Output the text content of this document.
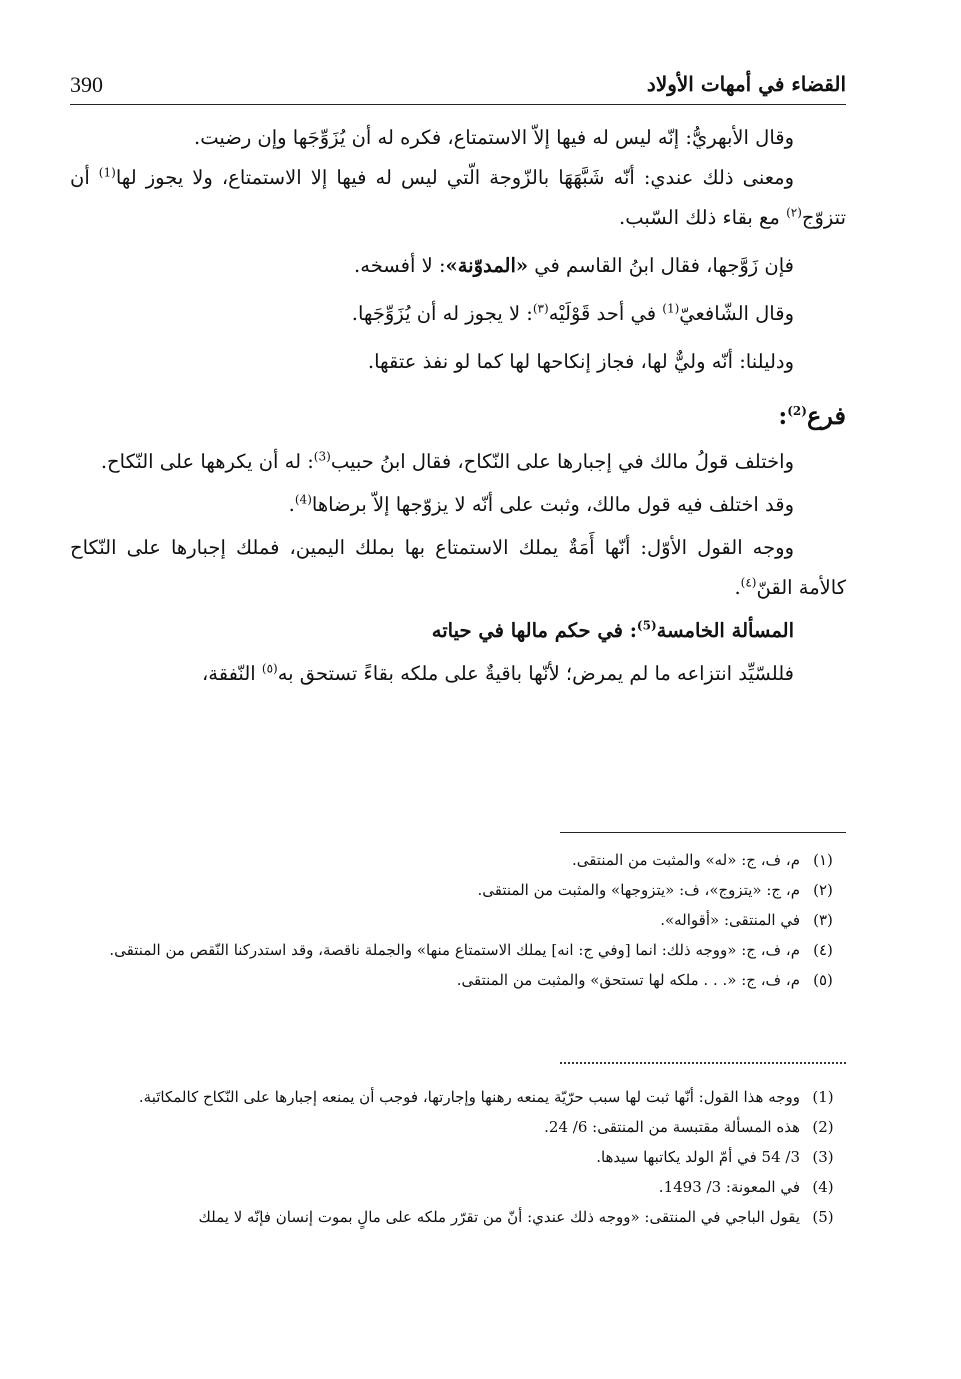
390	القضاء في أمهات الأولاد

وقال الأبهريُّ: إنّه ليس له فيها إلاّ الاستمتاع، فكره له أن يُزَوِّجَها وإن رضيت.

ومعنى ذلك عندي: أنّه شَبَّهَهَا بالزّوجة الّتي ليس له فيها إلا الاستمتاع، ولا يجوز لها$^{(1)}$ أن تتزوّج$^{(٢)}$ مع بقاء ذلك السّبب.

فإن زَوَّجها، فقال ابنُ القاسم في «المدوّنة»: لا أفسخه.

وقال الشّافعيّ$^{(1)}$ في أحد قَوْلَيْه$^{(٣)}$: لا يجوز له أن يُزَوِّجَها.

ودليلنا: أنّه وليٌّ لها، فجاز إنكاحها لها كما لو نفذ عتقها.

فرع$^{(2)}$:

واختلف قولُ مالك في إجبارها على النّكاح، فقال ابنُ حبيب$^{(3)}$: له أن يكرهها على النّكاح.

وقد اختلف فيه قول مالك، وثبت على أنّه لا يزوّجها إلاّ برضاها$^{(4)}$.

ووجه القول الأوّل: أنّها أَمَةٌ يملك الاستمتاع بها بملك اليمين، فملك إجبارها على النّكاح كالأمة القنّ$^{(٤)}$.

المسألة الخامسة$^{(5)}$: في حكم مالها في حياته

فللسّيِّد انتزاعه ما لم يمرض؛ لأنّها باقيةٌ على ملكه بقاءً تستحق به$^{(٥)}$ النّفقة،

(١)
م، ف، ج: «له» والمثبت من المنتقى.
(٢)
م، ج: «يتزوج»، ف: «يتزوجها» والمثبت من المنتقى.
(٣)
في المنتقى: «أقواله».
(٤)
م، ف، ج: «ووجه ذلك: انما [وفي ج: انه] يملك الاستمتاع منها» والجملة ناقصة، وقد استدركنا النّقص من المنتقى.
(٥)
م، ف، ج: «. . . ملكه لها تستحق» والمثبت من المنتقى.
(1)
ووجه هذا القول: أنّها ثبت لها سبب حرّيّة يمنعه رهنها وإجارتها، فوجب أن يمنعه إجبارها على النّكاح كالمكاتَبة.
(2)
هذه المسألة مقتبسة من المنتقى: 6/ 24.
(3)
3/ 54 في أمّ الولد يكاتبها سيدها.
(4)
في المعونة: 3/ 1493.
(5)
يقول الباجي في المنتقى: «ووجه ذلك عندي: أنّ من تقرّر ملكه على مالٍ بموت إنسان فإنّه لا يملك
